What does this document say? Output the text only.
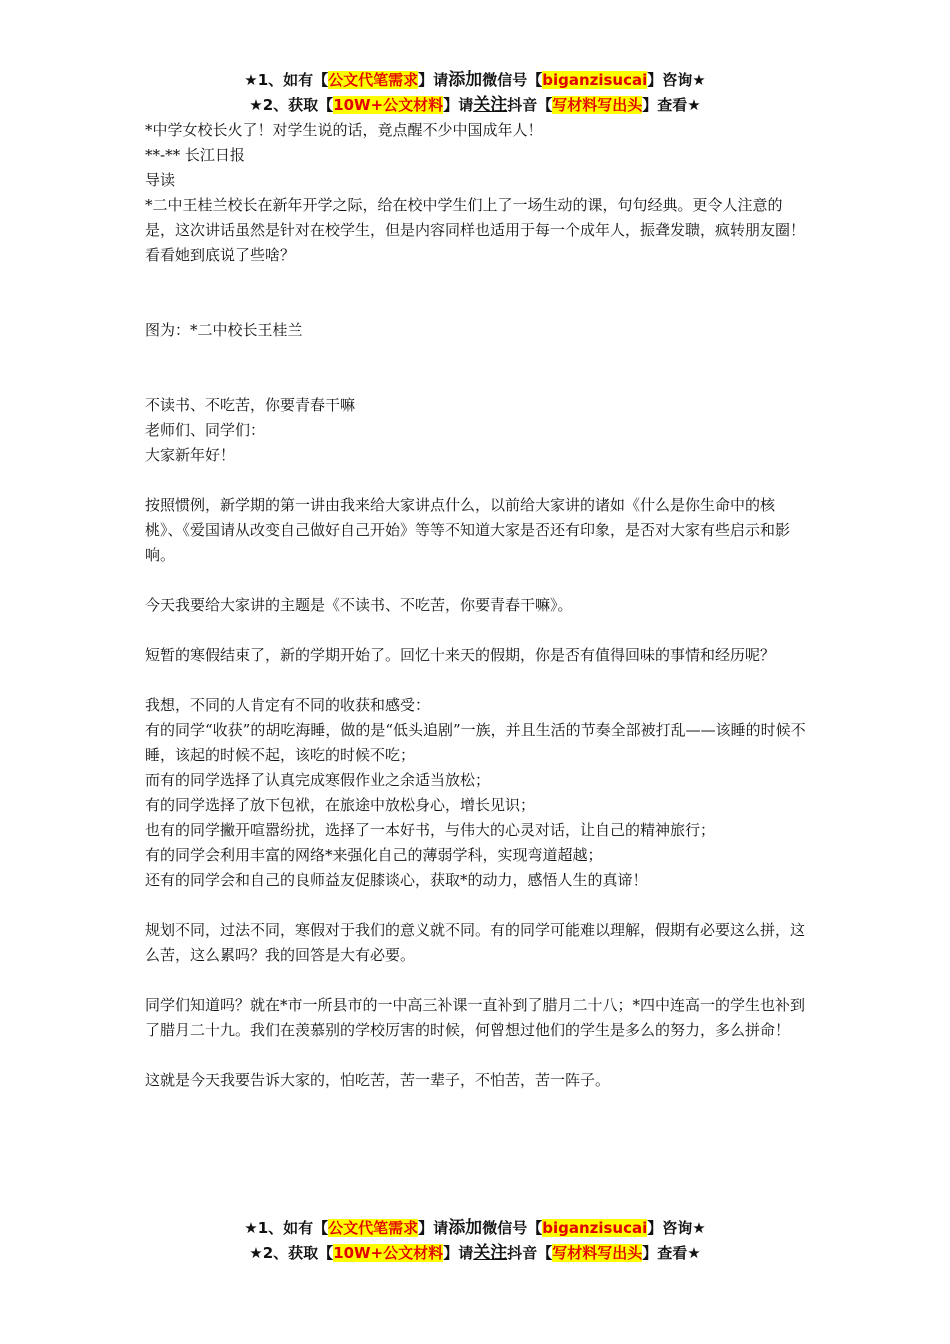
★1、如有【公文代笔需求】请添加微信号【biganzisucai】咨询★
★2、获取【10W+公文材料】请关注抖音【写材料写出头】查看★

*中学女校长火了！对学生说的话，竟点醒不少中国成年人！

**-** 长江日报

导读

*二中王桂兰校长在新年开学之际，给在校中学生们上了一场生动的课，句句经典。更令人注意的是，这次讲话虽然是针对在校学生，但是内容同样也适用于每一个成年人，振聋发聩，疯转朋友圈！看看她到底说了些啥？

图为：*二中校长王桂兰

不读书、不吃苦，你要青春干嘛

老师们、同学们：

大家新年好！

按照惯例，新学期的第一讲由我来给大家讲点什么，以前给大家讲的诸如《什么是你生命中的核桃》、《爱国请从改变自己做好自己开始》等等不知道大家是否还有印象，是否对大家有些启示和影响。

今天我要给大家讲的主题是《不读书、不吃苦，你要青春干嘛》。

短暂的寒假结束了，新的学期开始了。回忆十来天的假期，你是否有值得回味的事情和经历呢？

我想，不同的人肯定有不同的收获和感受：

有的同学“收获”的胡吃海睡，做的是“低头追剧”一族，并且生活的节奏全部被打乱——该睡的时候不睡，该起的时候不起，该吃的时候不吃；

而有的同学选择了认真完成寒假作业之余适当放松；

有的同学选择了放下包袱，在旅途中放松身心，增长见识；

也有的同学撇开喧嚣纷扰，选择了一本好书，与伟大的心灵对话，让自己的精神旅行；

有的同学会利用丰富的网络*来强化自己的薄弱学科，实现弯道超越；

还有的同学会和自己的良师益友促膝谈心，获取*的动力，感悟人生的真谛！

规划不同，过法不同，寒假对于我们的意义就不同。有的同学可能难以理解，假期有必要这么拼，这么苦，这么累吗？我的回答是大有必要。

同学们知道吗？就在*市一所县市的一中高三补课一直补到了腊月二十八；*四中连高一的学生也补到了腊月二十九。我们在羡慕别的学校厉害的时候，何曾想过他们的学生是多么的努力，多么拼命！

这就是今天我要告诉大家的，怕吃苦，苦一辈子，不怕苦，苦一阵子。

★1、如有【公文代笔需求】请添加微信号【biganzisucai】咨询★
★2、获取【10W+公文材料】请关注抖音【写材料写出头】查看★
